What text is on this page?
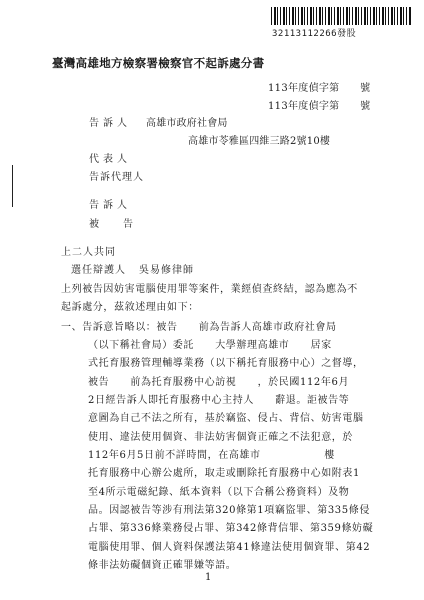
32113112266發股
臺灣高雄地方檢察署檢察官不起訴處分書
113年度偵字第　　號
113年度偵字第　　號
告訴人 高雄市政府社會局
高雄市苓雅區四維三路2號10樓
代表人
告訴代理人
告訴人
被告
上二人共同
選任辯護人 吳易修律師
上列被告因妨害電腦使用罪等案件，業經偵查終結，認為應為不
起訴處分，茲敘述理由如下：
一、告訴意旨略以：被告　　前為告訴人高雄市政府社會局
（以下稱社會局）委託　　大學辦理高雄市　　居家
式托育服務管理輔導業務（以下稱托育服務中心）之督導，
被告　　前為托育服務中心訪視　　，於民國112年6月
2日經告訴人即托育服務中心主持人　　辭退。詎被告等
意圖為自己不法之所有，基於竊盜、侵占、背信、妨害電腦
使用、違法使用個資、非法妨害個資正確之不法犯意，於
112年6月5日前不詳時間，在高雄市　　　　　　樓
托育服務中心辦公處所，取走或刪除托育服務中心如附表1
至4所示電磁紀錄、紙本資料（以下合稱公務資料）及物
品。因認被告等涉有刑法第320條第1項竊盜罪、第335條侵
占罪、第336條業務侵占罪、第342條背信罪、第359條妨礙
電腦使用罪、個人資料保護法第41條違法使用個資罪、第42
條非法妨礙個資正確罪嫌等語。
1
